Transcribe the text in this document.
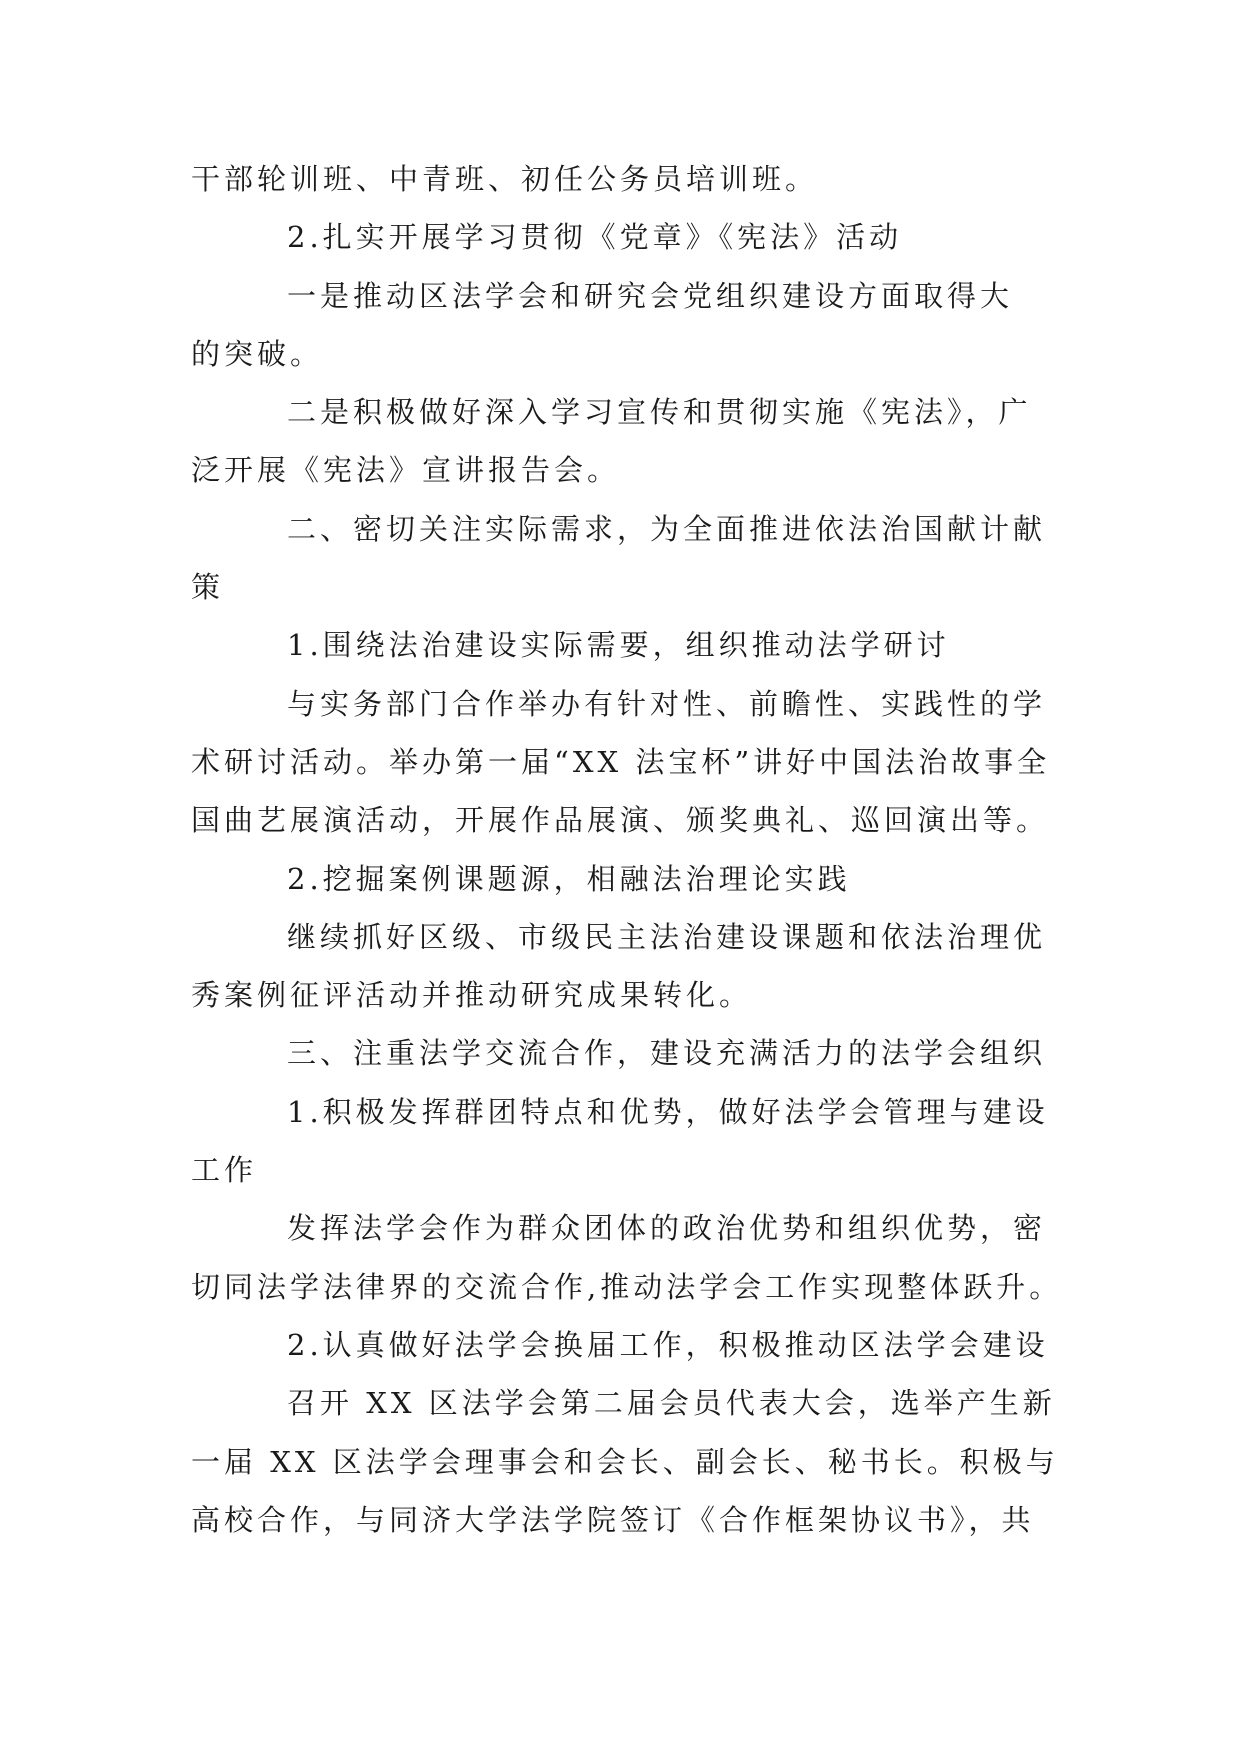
干部轮训班、中青班、初任公务员培训班。
2.扎实开展学习贯彻《党章》《宪法》活动
一是推动区法学会和研究会党组织建设方面取得大
的突破。
二是积极做好深入学习宣传和贯彻实施《宪法》，广
泛开展《宪法》宣讲报告会。
二、密切关注实际需求，为全面推进依法治国献计献
策
1.围绕法治建设实际需要，组织推动法学研讨
与实务部门合作举办有针对性、前瞻性、实践性的学
术研讨活动。举办第一届“XX 法宝杯”讲好中国法治故事全
国曲艺展演活动，开展作品展演、颁奖典礼、巡回演出等。
2.挖掘案例课题源，相融法治理论实践
继续抓好区级、市级民主法治建设课题和依法治理优
秀案例征评活动并推动研究成果转化。
三、注重法学交流合作，建设充满活力的法学会组织
1.积极发挥群团特点和优势，做好法学会管理与建设
工作
发挥法学会作为群众团体的政治优势和组织优势，密
切同法学法律界的交流合作,推动法学会工作实现整体跃升。
2.认真做好法学会换届工作，积极推动区法学会建设
召开 XX 区法学会第二届会员代表大会，选举产生新
一届 XX 区法学会理事会和会长、副会长、秘书长。积极与
高校合作，与同济大学法学院签订《合作框架协议书》，共
